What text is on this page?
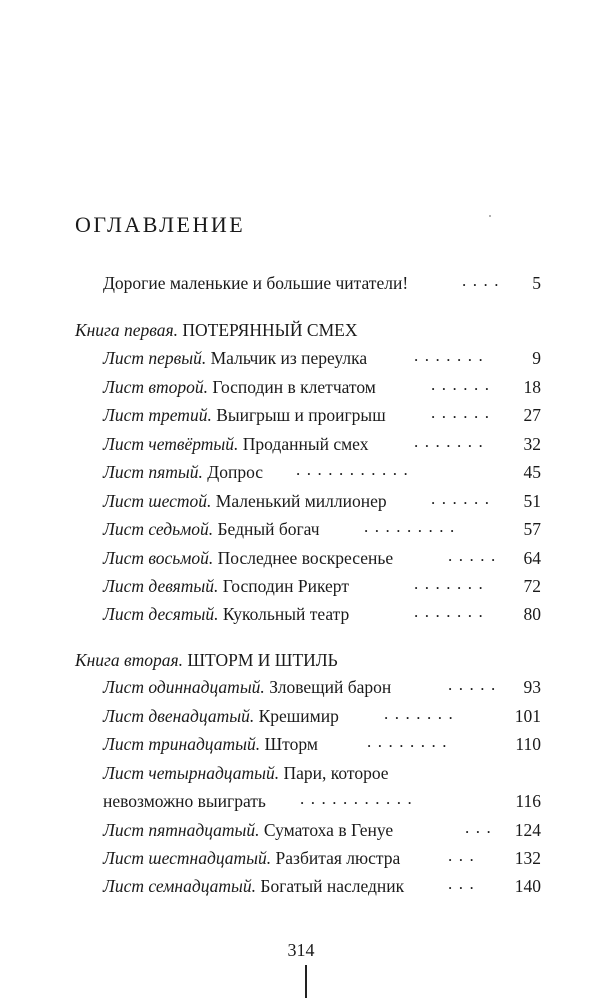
ОГЛАВЛЕНИЕ
Дорогие маленькие и большие читатели!	....	5
Книга первая. ПОТЕРЯННЫЙ СМЕХ
Лист первый. Мальчик из переулка	.......	9
Лист второй. Господин в клетчатом	......	18
Лист третий. Выигрыш и проигрыш	......	27
Лист четвёртый. Проданный смех	.......	32
Лист пятый. Допрос ...........	45
Лист шестой. Маленький миллионер	......	51
Лист седьмой. Бедный богач	.........	57
Лист восьмой. Последнее воскресенье	.....	64
Лист девятый. Господин Рикерт	.......	72
Лист десятый. Кукольный театр	.......	80
Книга вторая. ШТОРМ И ШТИЛЬ
Лист одиннадцатый. Зловещий барон	.....	93
Лист двенадцатый. Крешимир	.......	101
Лист тринадцатый. Шторм	........	110
Лист четырнадцатый. Пари, которое
невозможно выиграть ...........	116
Лист пятнадцатый. Суматоха в Генуе	...	124
Лист шестнадцатый. Разбитая люстра	...	132
Лист семнадцатый. Богатый наследник	...	140
314
